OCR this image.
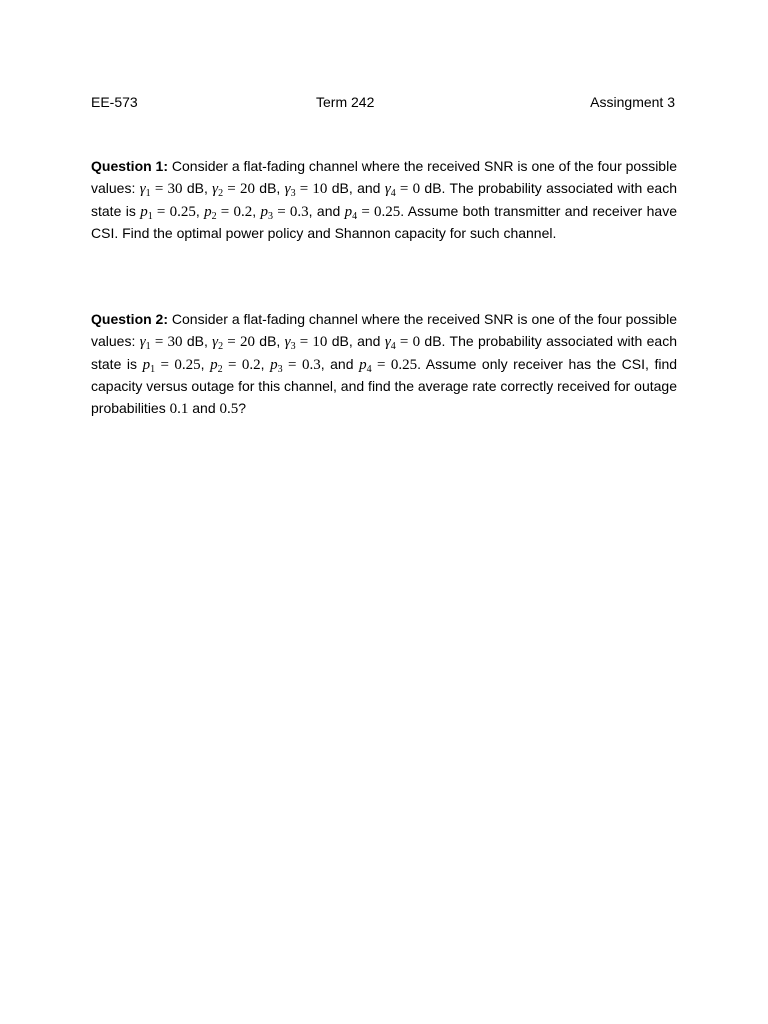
EE-573	Term 242	Assingment 3
Question 1: Consider a flat-fading channel where the received SNR is one of the four possible values: $\gamma_1 = 30$ dB, $\gamma_2 = 20$ dB, $\gamma_3 = 10$ dB, and $\gamma_4 = 0$ dB. The probability associated with each state is $p_1 = 0.25$, $p_2 = 0.2$, $p_3 = 0.3$, and $p_4 = 0.25$. Assume both transmitter and receiver have CSI. Find the optimal power policy and Shannon capacity for such channel.
Question 2: Consider a flat-fading channel where the received SNR is one of the four possible values: $\gamma_1 = 30$ dB, $\gamma_2 = 20$ dB, $\gamma_3 = 10$ dB, and $\gamma_4 = 0$ dB. The probability associated with each state is $p_1 = 0.25$, $p_2 = 0.2$, $p_3 = 0.3$, and $p_4 = 0.25$. Assume only receiver has the CSI, find capacity versus outage for this channel, and find the average rate correctly received for outage probabilities 0.1 and 0.5?
